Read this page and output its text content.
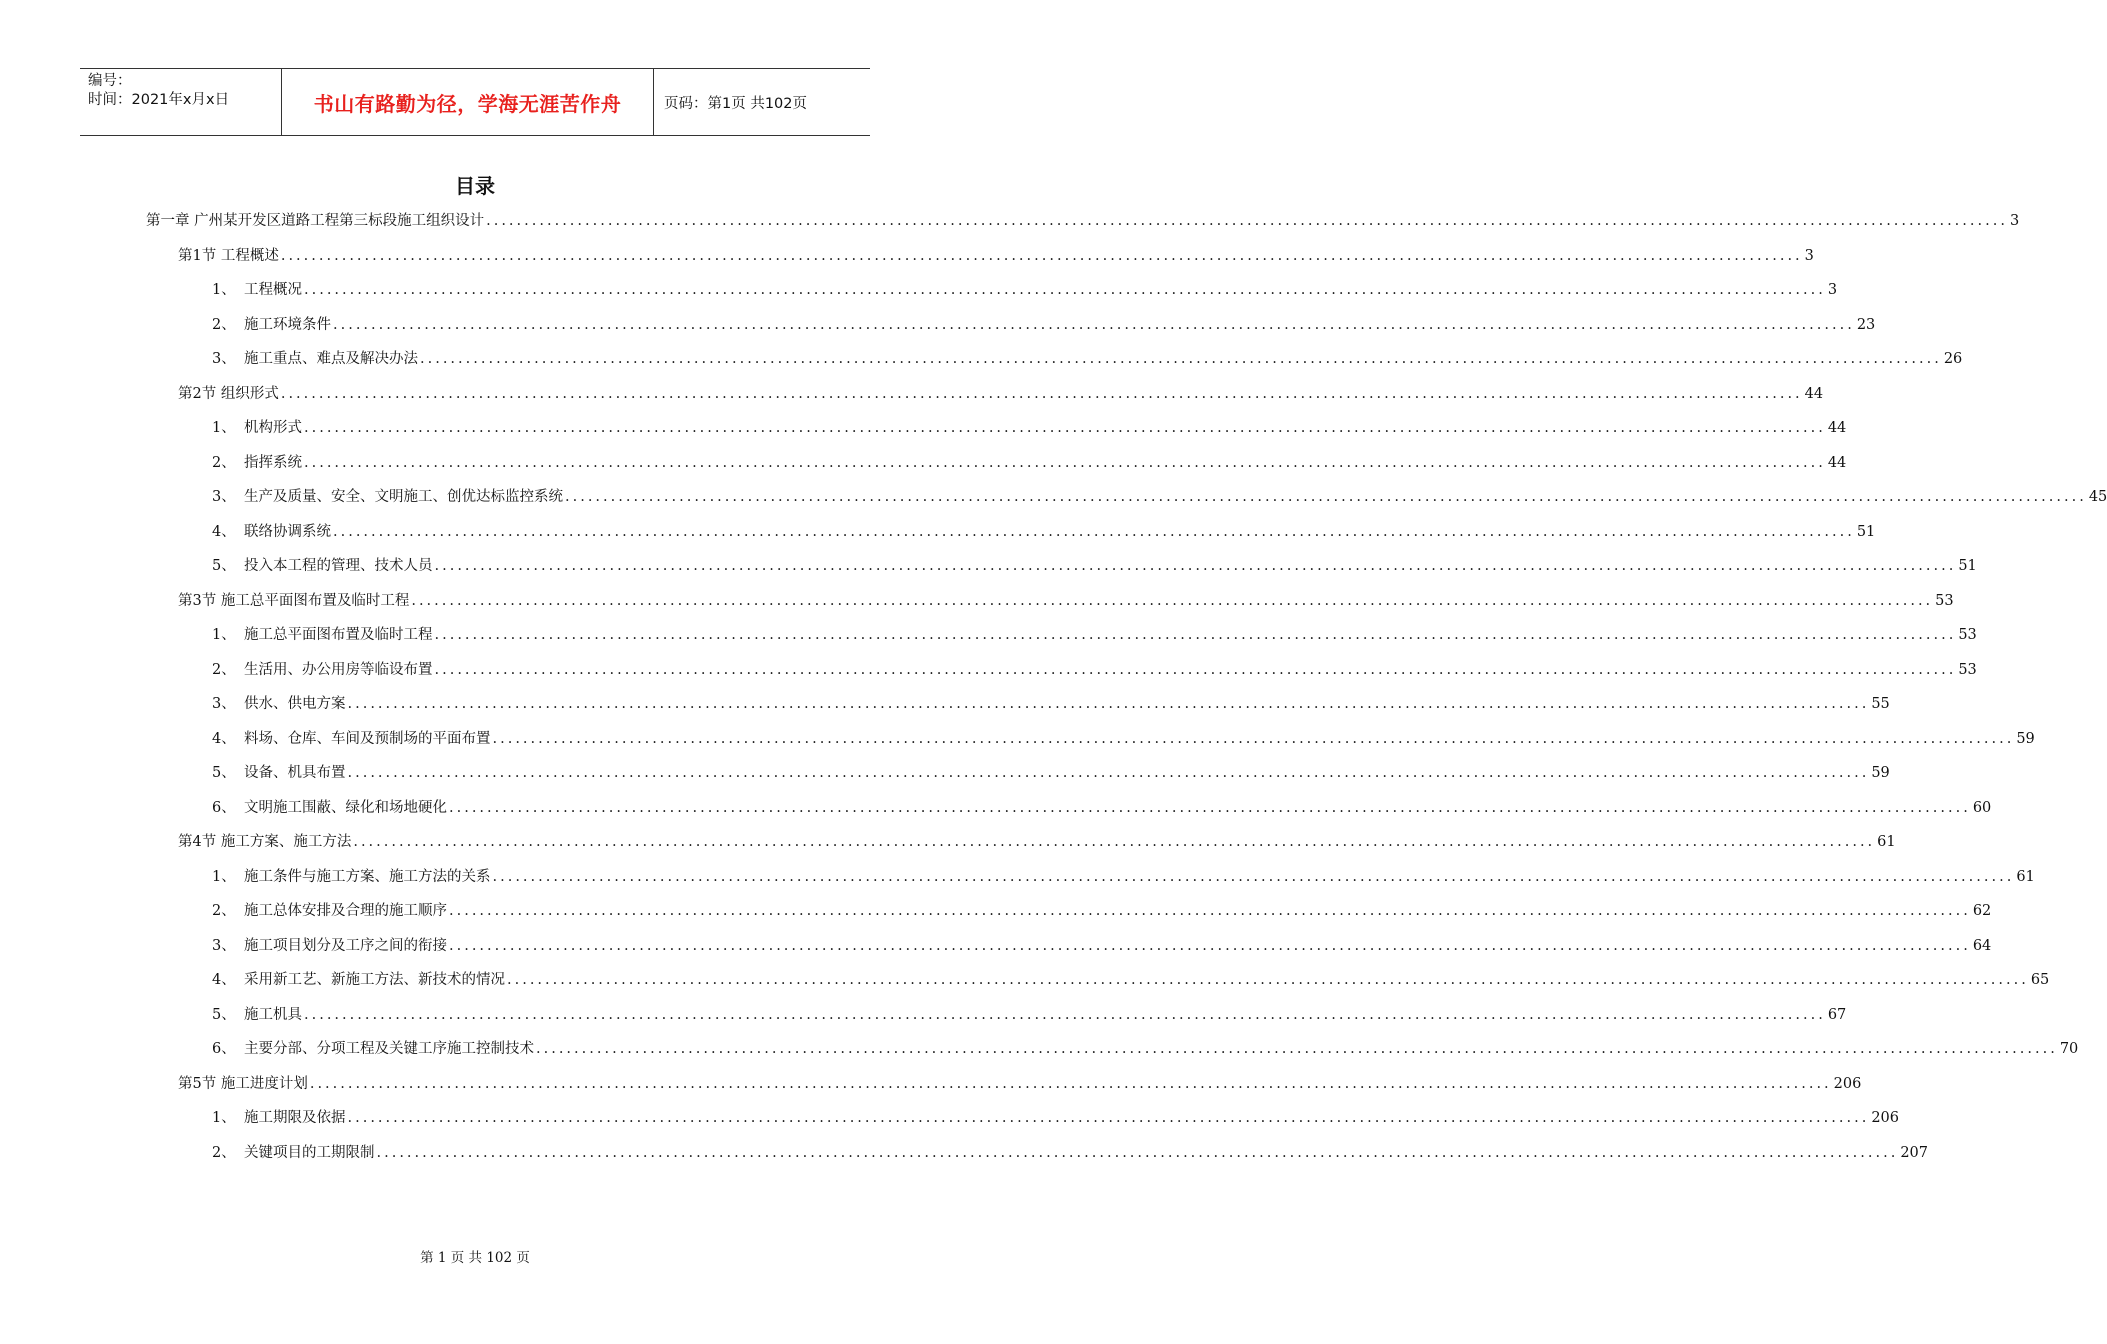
编号：
时间：2021年x月x日	书山有路勤为径，学海无涯苦作舟	页码：第1页 共102页
目录
第一章 广州某开发区道路工程第三标段施工组织设计 ........................................................................................................................................................................................................ 3
第1节 工程概述 ........................................................................................................................................................................................................ 3
1、 工程概况 ........................................................................................................................................................................................................ 3
2、 施工环境条件 ........................................................................................................................................................................................................ 23
3、 施工重点、难点及解决办法 ........................................................................................................................................................................................................ 26
第2节 组织形式 ........................................................................................................................................................................................................ 44
1、 机构形式 ........................................................................................................................................................................................................ 44
2、 指挥系统 ........................................................................................................................................................................................................ 44
3、 生产及质量、安全、文明施工、创优达标监控系统 ........................................................................................................................................................................................................ 45
4、 联络协调系统 ........................................................................................................................................................................................................ 51
5、 投入本工程的管理、技术人员 ........................................................................................................................................................................................................ 51
第3节 施工总平面图布置及临时工程 ........................................................................................................................................................................................................ 53
1、 施工总平面图布置及临时工程 ........................................................................................................................................................................................................ 53
2、 生活用、办公用房等临设布置 ........................................................................................................................................................................................................ 53
3、 供水、供电方案 ........................................................................................................................................................................................................ 55
4、 料场、仓库、车间及预制场的平面布置 ........................................................................................................................................................................................................ 59
5、 设备、机具布置 ........................................................................................................................................................................................................ 59
6、 文明施工围蔽、绿化和场地硬化 ........................................................................................................................................................................................................ 60
第4节 施工方案、施工方法 ........................................................................................................................................................................................................ 61
1、 施工条件与施工方案、施工方法的关系 ........................................................................................................................................................................................................ 61
2、 施工总体安排及合理的施工顺序 ........................................................................................................................................................................................................ 62
3、 施工项目划分及工序之间的衔接 ........................................................................................................................................................................................................ 64
4、 采用新工艺、新施工方法、新技术的情况 ........................................................................................................................................................................................................ 65
5、 施工机具 ........................................................................................................................................................................................................ 67
6、 主要分部、分项工程及关键工序施工控制技术 ........................................................................................................................................................................................................ 70
第5节 施工进度计划 ........................................................................................................................................................................................................ 206
1、 施工期限及依据 ........................................................................................................................................................................................................ 206
2、 关键项目的工期限制 ........................................................................................................................................................................................................ 207
第 1 页 共 102 页
